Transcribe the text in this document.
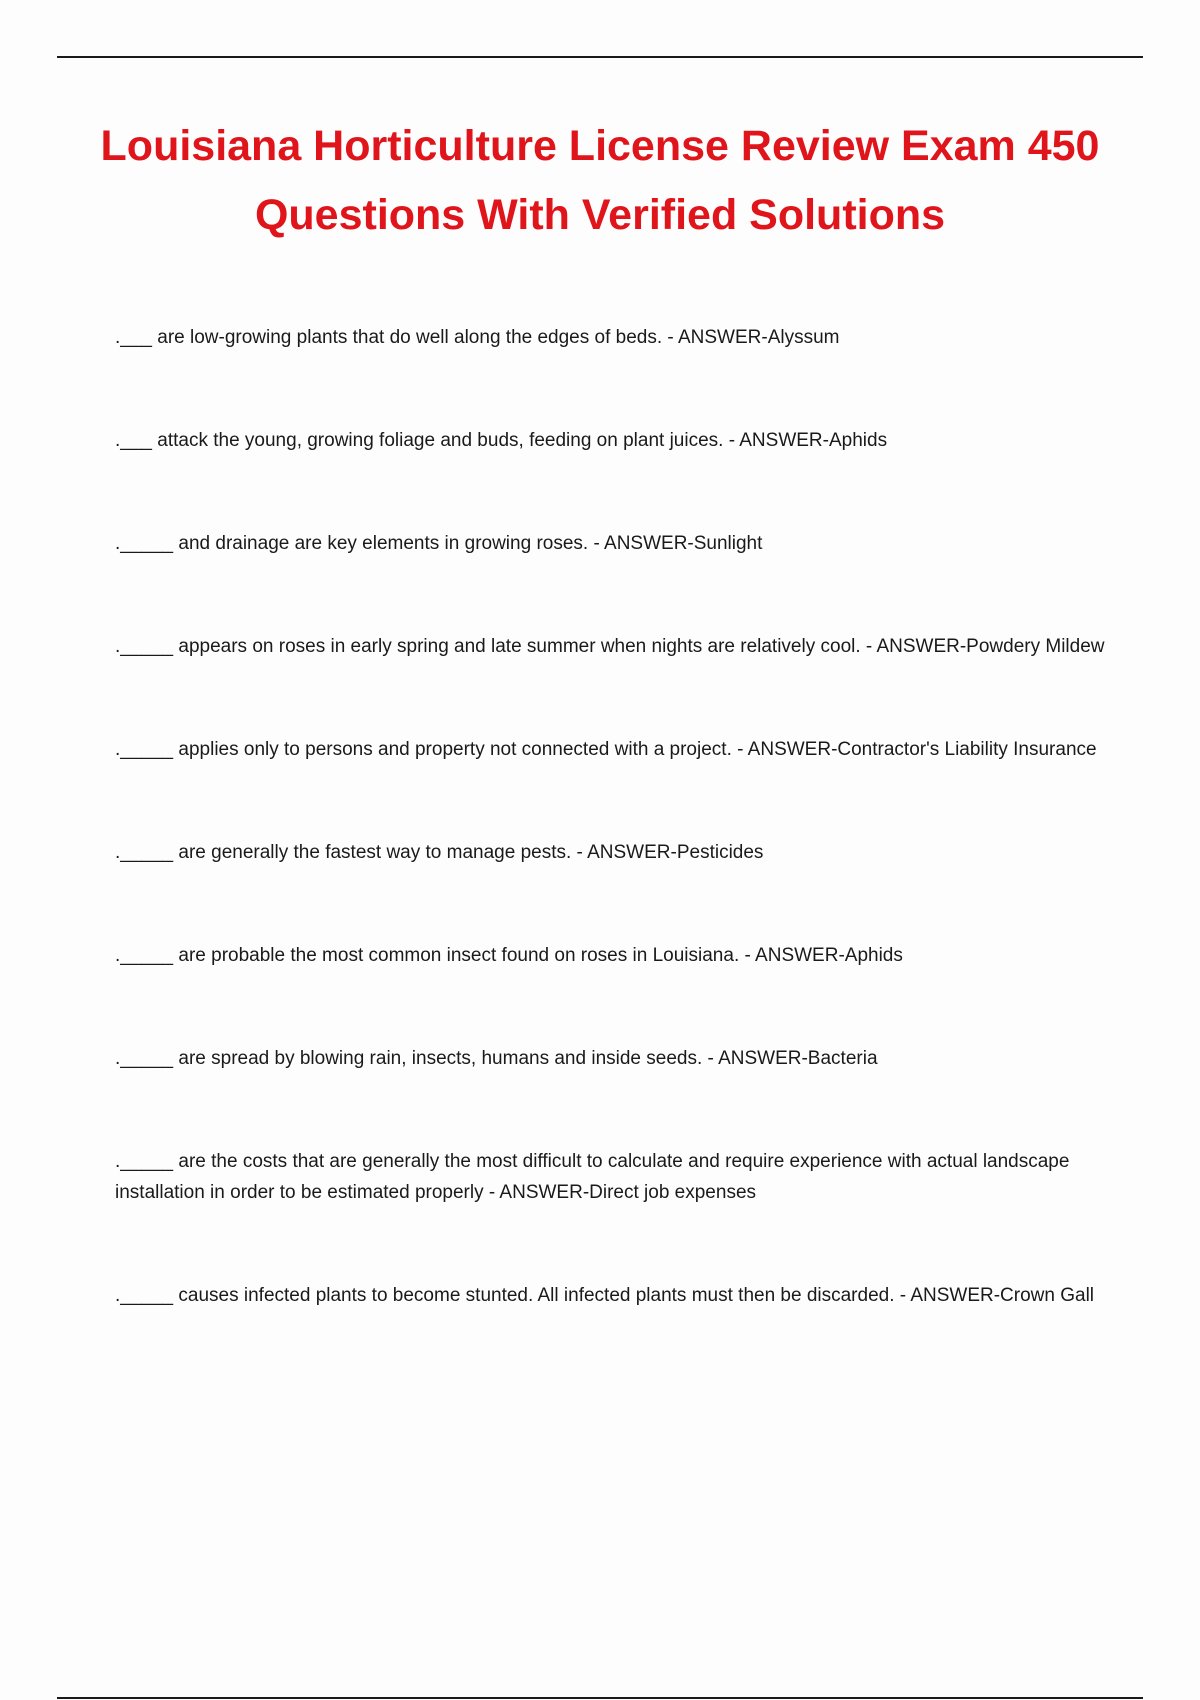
Louisiana Horticulture License Review Exam 450 Questions With Verified Solutions
.___ are low-growing plants that do well along the edges of beds. - ANSWER-Alyssum
.___ attack the young, growing foliage and buds, feeding on plant juices. - ANSWER-Aphids
._____ and drainage are key elements in growing roses. - ANSWER-Sunlight
._____ appears on roses in early spring and late summer when nights are relatively cool. - ANSWER-Powdery Mildew
._____ applies only to persons and property not connected with a project. - ANSWER-Contractor's Liability Insurance
._____ are generally the fastest way to manage pests. - ANSWER-Pesticides
._____ are probable the most common insect found on roses in Louisiana. - ANSWER-Aphids
._____ are spread by blowing rain, insects, humans and inside seeds. - ANSWER-Bacteria
._____ are the costs that are generally the most difficult to calculate and require experience with actual landscape installation in order to be estimated properly - ANSWER-Direct job expenses
._____ causes infected plants to become stunted. All infected plants must then be discarded. - ANSWER-Crown Gall
